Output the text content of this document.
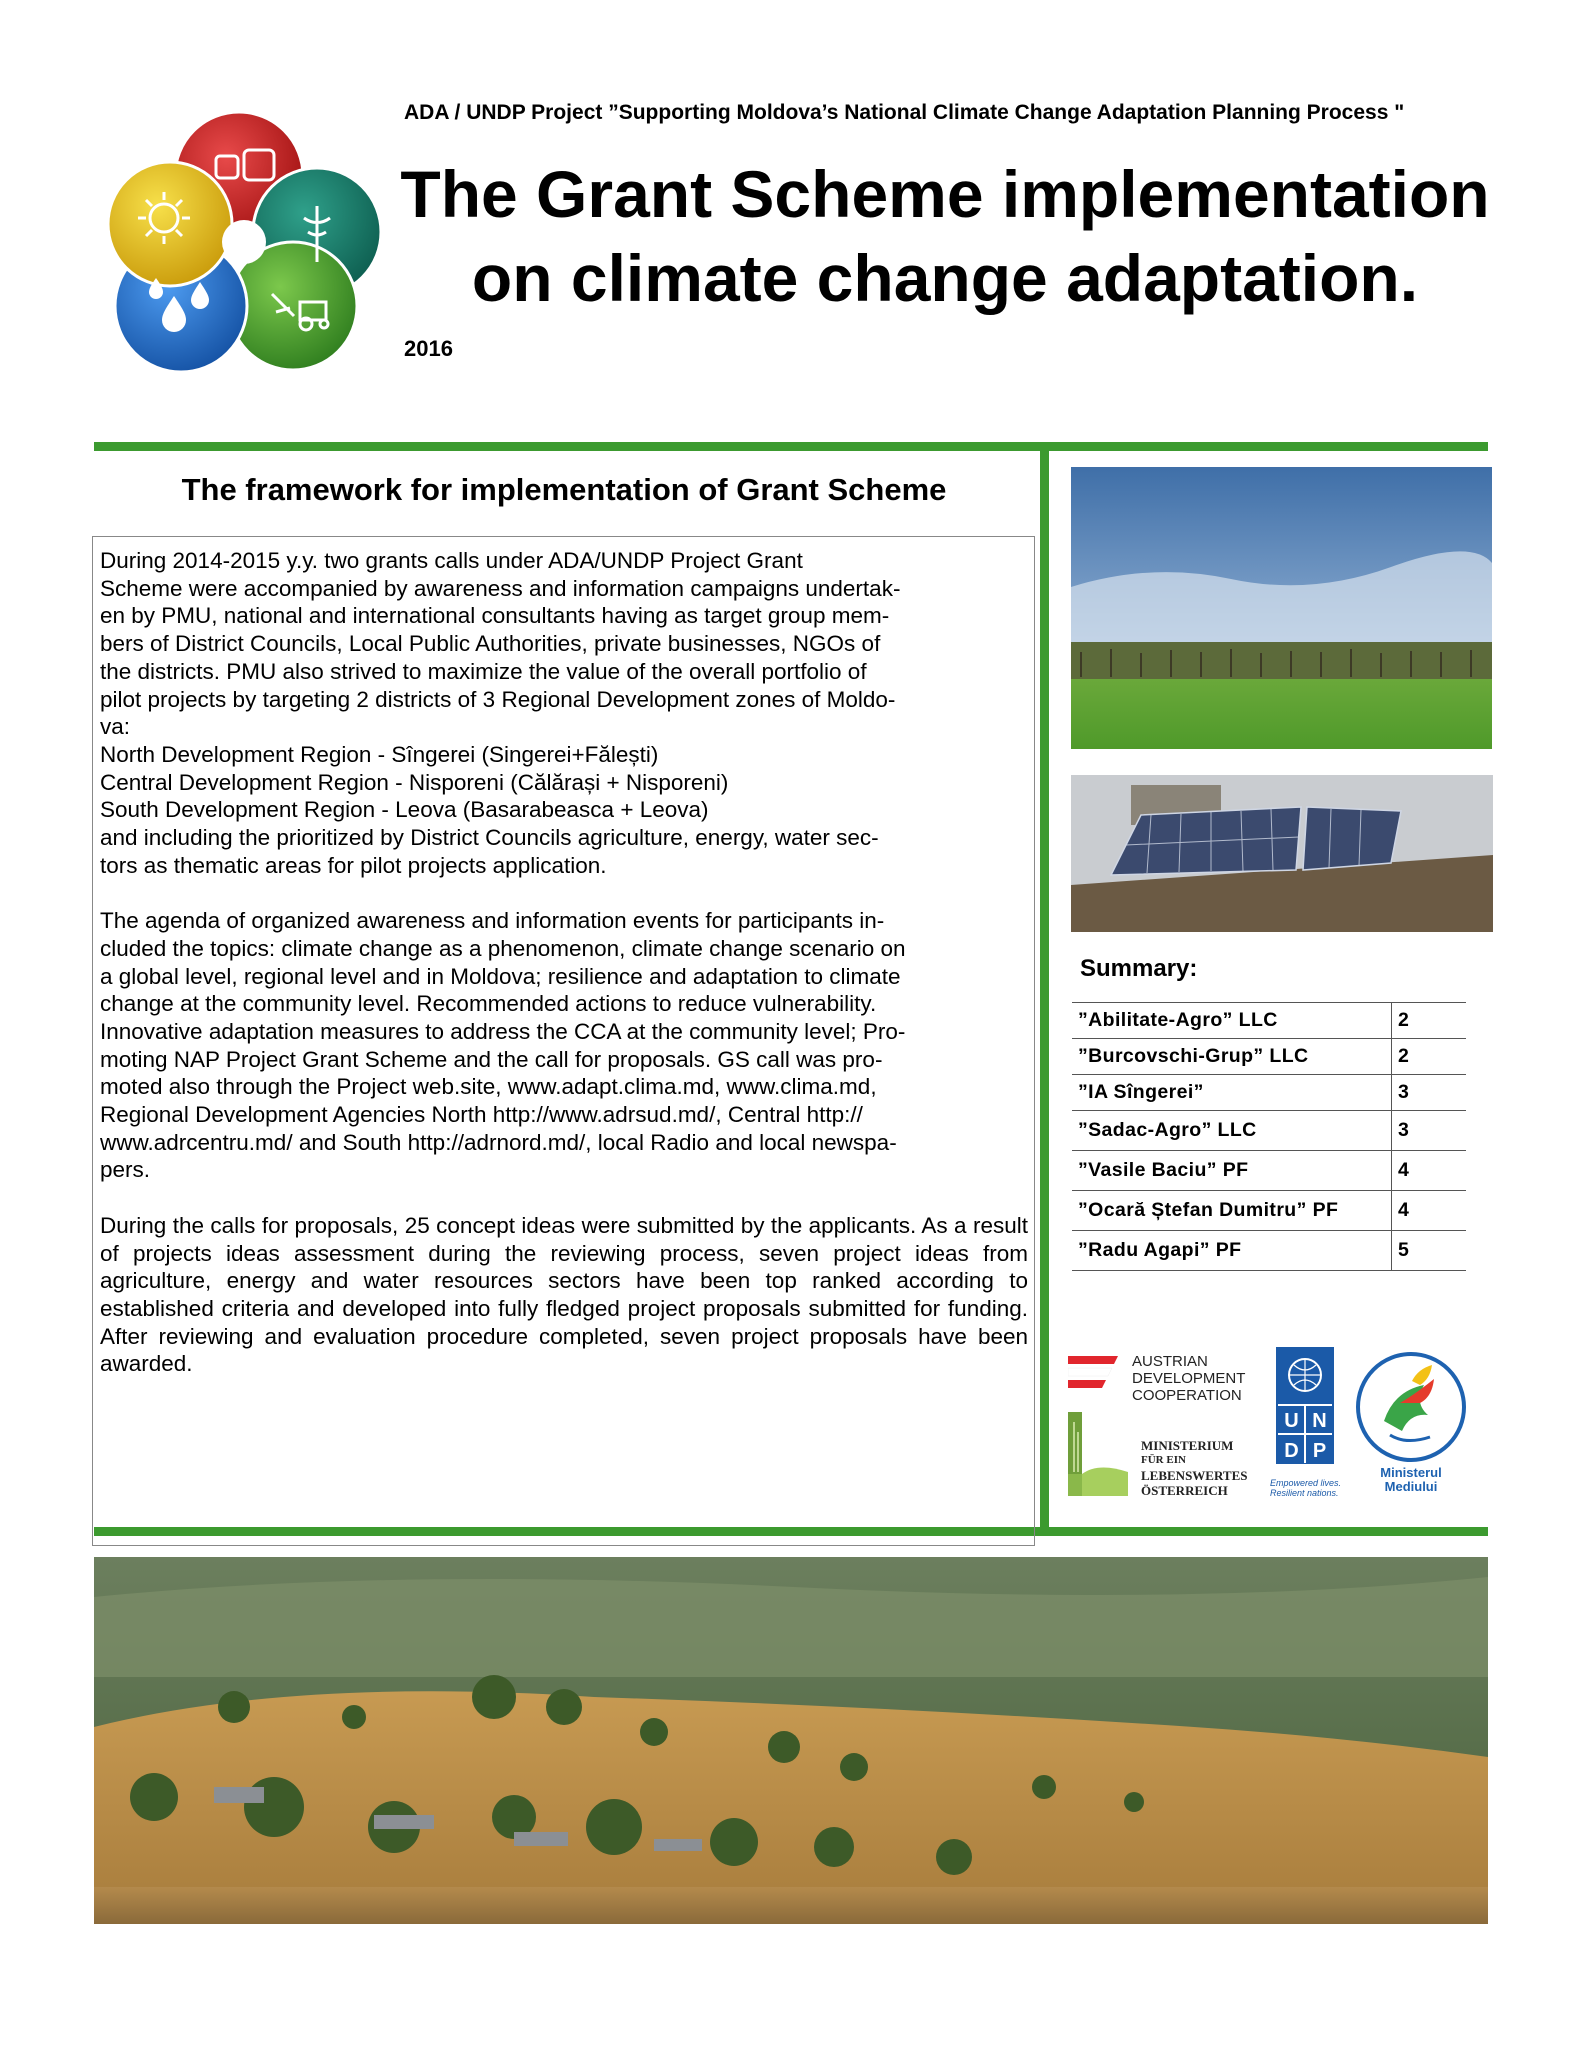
ADA / UNDP Project ”Supporting Moldova’s National Climate Change Adaptation Planning Process "
The Grant Scheme implementation
on climate change adaptation.
2016
The framework for implementation of Grant Scheme

During 2014-2015 y.y. two grants calls under ADA/UNDP Project Grant
Scheme were accompanied by awareness and information campaigns undertak-
en by PMU, national and international consultants having as target group mem-
bers of District Councils, Local Public Authorities, private businesses, NGOs of
the districts. PMU also strived to maximize the value of the overall portfolio of
pilot projects by targeting 2 districts of 3 Regional Development zones of Moldo-
va:
North Development Region - Sîngerei (Singerei+Fălești)
Central Development Region - Nisporeni (Călărași + Nisporeni)
South Development Region - Leova (Basarabeasca + Leova)
and including the prioritized by District Councils agriculture, energy, water sec-
tors as thematic areas for pilot projects application.

The agenda of organized awareness and information events for participants in-
cluded the topics: climate change as a phenomenon, climate change scenario on
a global level, regional level and in Moldova; resilience and adaptation to climate
change at the community level. Recommended actions to reduce vulnerability.
Innovative adaptation measures to address the CCA at the community level; Pro-
moting NAP Project Grant Scheme and the call for proposals. GS call was pro-
moted also through the Project web.site, www.adapt.clima.md, www.clima.md,
Regional Development Agencies North http://www.adrsud.md/, Central http://
www.adrcentru.md/ and South http://adrnord.md/, local Radio and local newspa-
pers.

During the calls for proposals, 25 concept ideas were submitted by the applicants. As a result of projects ideas assessment during the reviewing process, seven project ideas from agriculture, energy and water resources sectors have been top ranked according to established criteria and developed into fully fledged project proposals submitted for funding. After reviewing and evaluation procedure completed, seven project proposals have been awarded.

Summary:
”Abilitate-Agro” LLC	2
”Burcovschi-Grup” LLC	2
”IA Sîngerei”	3
”Sadac-Agro” LLC	3
”Vasile Baciu” PF	4
”Ocară Ștefan Dumitru” PF	4
”Radu Agapi” PF	5
AUSTRIAN
DEVELOPMENT
COOPERATION
MINISTERIUM
FÜR EIN
LEBENSWERTES
ÖSTERREICH
U N
D P
Empowered lives.
Resilient nations.
Ministerul
Mediului
